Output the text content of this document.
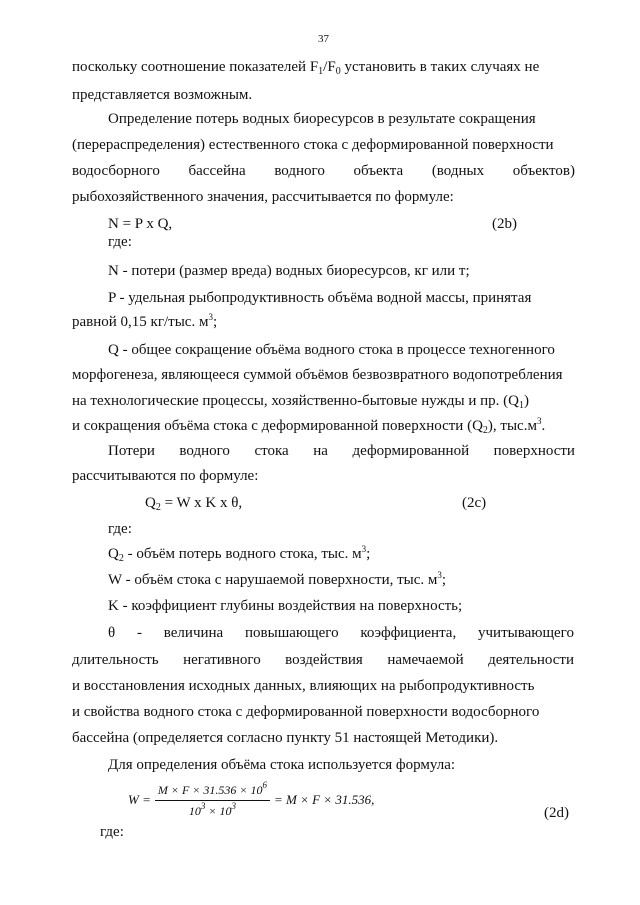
37
поскольку соотношение показателей $F_1/F_0$ установить в таких случаях не
представляется возможным.
Определение потерь водных биоресурсов в результате сокращения
(перераспределения) естественного стока с деформированной поверхности
водосборного бассейна водного объекта (водных объектов)
рыбохозяйственного значения, рассчитывается по формуле:
N = P x Q,	(2b)
где:
N - потери (размер вреда) водных биоресурсов, кг или т;
P - удельная рыбопродуктивность объёма водной массы, принятая
равной 0,15 кг/тыс. $м^3$;
Q - общее сокращение объёма водного стока в процессе техногенного
морфогенеза, являющееся суммой объёмов безвозвратного водопотребления
на технологические процессы, хозяйственно-бытовые нужды и пр. $(Q_1)$
и сокращения объёма стока с деформированной поверхности $(Q_2)$, $тыс.м^3$.
Потери водного стока на деформированной поверхности
рассчитываются по формуле:
$Q_2 = W$ x K x θ,	(2c)
где:
$Q_2$ - объём потерь водного стока, тыс. $м^3$;
W - объём стока с нарушаемой поверхности, тыс. $м^3$;
K - коэффициент глубины воздействия на поверхность;
θ - величина повышающего коэффициента, учитывающего
длительность негативного воздействия намечаемой деятельности
и восстановления исходных данных, влияющих на рыбопродуктивность
и свойства водного стока с деформированной поверхности водосборного
бассейна (определяется согласно пункту 51 настоящей Методики).
Для определения объёма стока используется формула:
$W = \frac{M \times F \times 31.536 \times 10^6}{10^3 \times 10^3} = M \times F \times 31.536$,
(2d)
где:
